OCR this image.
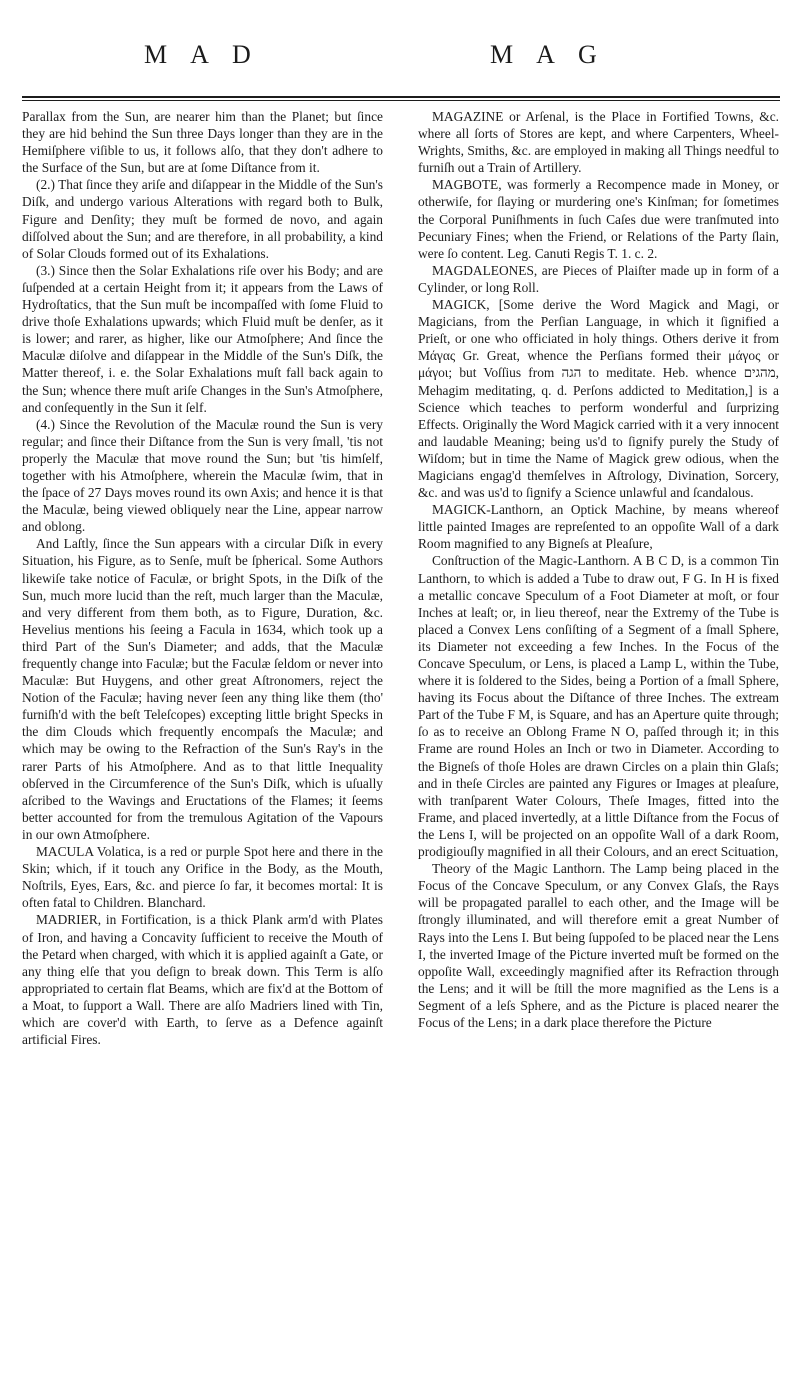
M A D	M A G

Parallax from the Sun, are nearer him than the Planet; but ſince they are hid behind the Sun three Days longer than they are in the Hemiſphere viſible to us, it follows alſo, that they don't adhere to the Surface of the Sun, but are at ſome Diſtance from it.

(2.) That ſince they ariſe and diſappear in the Middle of the Sun's Diſk, and undergo various Alterations with regard both to Bulk, Figure and Denſity; they muſt be formed de novo, and again diſſolved about the Sun; and are therefore, in all probability, a kind of Solar Clouds formed out of its Exhalations.

(3.) Since then the Solar Exhalations riſe over his Body; and are ſuſpended at a certain Height from it; it appears from the Laws of Hydroſtatics, that the Sun muſt be incompaſſed with ſome Fluid to drive thoſe Exhalations upwards; which Fluid muſt be denſer, as it is lower; and rarer, as higher, like our Atmoſphere; And ſince the Maculæ diſolve and diſappear in the Middle of the Sun's Diſk, the Matter thereof, i. e. the Solar Exhalations muſt fall back again to the Sun; whence there muſt ariſe Changes in the Sun's Atmoſphere, and conſequently in the Sun it ſelf.

(4.) Since the Revolution of the Maculæ round the Sun is very regular; and ſince their Diſtance from the Sun is very ſmall, 'tis not properly the Maculæ that move round the Sun; but 'tis himſelf, together with his Atmoſphere, wherein the Maculæ ſwim, that in the ſpace of 27 Days moves round its own Axis; and hence it is that the Maculæ, being viewed obliquely near the Line, appear narrow and oblong.

And Laſtly, ſince the Sun appears with a circular Diſk in every Situation, his Figure, as to Senſe, muſt be ſpherical. Some Authors likewiſe take notice of Faculæ, or bright Spots, in the Diſk of the Sun, much more lucid than the reſt, much larger than the Maculæ, and very different from them both, as to Figure, Duration, &c. Hevelius mentions his ſeeing a Facula in 1634, which took up a third Part of the Sun's Diameter; and adds, that the Maculæ frequently change into Faculæ; but the Faculæ ſeldom or never into Maculæ: But Huygens, and other great Aſtronomers, reject the Notion of the Faculæ; having never ſeen any thing like them (tho' furniſh'd with the beſt Teleſcopes) excepting little bright Specks in the dim Clouds which frequently encompaſs the Maculæ; and which may be owing to the Refraction of the Sun's Ray's in the rarer Parts of his Atmoſphere. And as to that little Inequality obſerved in the Circumference of the Sun's Diſk, which is uſually aſcribed to the Wavings and Eructations of the Flames; it ſeems better accounted for from the tremulous Agitation of the Vapours in our own Atmoſphere.

MACULA Volatica, is a red or purple Spot here and there in the Skin; which, if it touch any Orifice in the Body, as the Mouth, Noſtrils, Eyes, Ears, &c. and pierce ſo far, it becomes mortal: It is often fatal to Children. Blanchard.

MADRIER, in Fortification, is a thick Plank arm'd with Plates of Iron, and having a Concavity ſufficient to receive the Mouth of the Petard when charged, with which it is applied againſt a Gate, or any thing elſe that you deſign to break down. This Term is alſo appropriated to certain flat Beams, which are fix'd at the Bottom of a Moat, to ſupport a Wall. There are alſo Madriers lined with Tin, which are cover'd with Earth, to ſerve as a Defence againſt artificial Fires.

MAGAZINE or Arſenal, is the Place in Fortified Towns, &c. where all ſorts of Stores are kept, and where Carpenters, Wheel-Wrights, Smiths, &c. are employed in making all Things needful to furniſh out a Train of Artillery.

MAGBOTE, was formerly a Recompence made in Money, or otherwiſe, for ſlaying or murdering one's Kinſman; for ſometimes the Corporal Puniſhments in ſuch Caſes due were tranſmuted into Pecuniary Fines; when the Friend, or Relations of the Party ſlain, were ſo content. Leg. Canuti Regis T. 1. c. 2.

MAGDALEONES, are Pieces of Plaiſter made up in form of a Cylinder, or long Roll.

MAGICK, [Some derive the Word Magick and Magi, or Magicians, from the Perſian Language, in which it ſignified a Prieſt, or one who officiated in holy things. Others derive it from Μάγας Gr. Great, whence the Perſians formed their μάγος or μάγοι; but Voſſius from הגה to meditate. Heb. whence מהגים, Mehagim meditating, q. d. Perſons addicted to Meditation,] is a Science which teaches to perform wonderful and ſurprizing Effects. Originally the Word Magick carried with it a very innocent and laudable Meaning; being us'd to ſignify purely the Study of Wiſdom; but in time the Name of Magick grew odious, when the Magicians engag'd themſelves in Aſtrology, Divination, Sorcery, &c. and was us'd to ſignify a Science unlawful and ſcandalous.

MAGICK-Lanthorn, an Optick Machine, by means whereof little painted Images are repreſented to an oppoſite Wall of a dark Room magnified to any Bigneſs at Pleaſure,

Conſtruction of the Magic-Lanthorn. A B C D, is a common Tin Lanthorn, to which is added a Tube to draw out, F G. In H is fixed a metallic concave Speculum of a Foot Diameter at moſt, or four Inches at leaſt; or, in lieu thereof, near the Extremy of the Tube is placed a Convex Lens conſiſting of a Segment of a ſmall Sphere, its Diameter not exceeding a few Inches. In the Focus of the Concave Speculum, or Lens, is placed a Lamp L, within the Tube, where it is ſoldered to the Sides, being a Portion of a ſmall Sphere, having its Focus about the Diſtance of three Inches. The extream Part of the Tube F M, is Square, and has an Aperture quite through; ſo as to receive an Oblong Frame N O, paſſed through it; in this Frame are round Holes an Inch or two in Diameter. According to the Bigneſs of thoſe Holes are drawn Circles on a plain thin Glaſs; and in theſe Circles are painted any Figures or Images at pleaſure, with tranſparent Water Colours, Theſe Images, fitted into the Frame, and placed invertedly, at a little Diſtance from the Focus of the Lens I, will be projected on an oppoſite Wall of a dark Room, prodigiouſly magnified in all their Colours, and an erect Scituation,

Theory of the Magic Lanthorn. The Lamp being placed in the Focus of the Concave Speculum, or any Convex Glaſs, the Rays will be propagated parallel to each other, and the Image will be ſtrongly illuminated, and will therefore emit a great Number of Rays into the Lens I. But being ſuppoſed to be placed near the Lens I, the inverted Image of the Picture inverted muſt be formed on the oppoſite Wall, exceedingly magnified after its Refraction through the Lens; and it will be ſtill the more magnified as the Lens is a Segment of a leſs Sphere, and as the Picture is placed nearer the Focus of the Lens; in a dark place therefore the Picture
